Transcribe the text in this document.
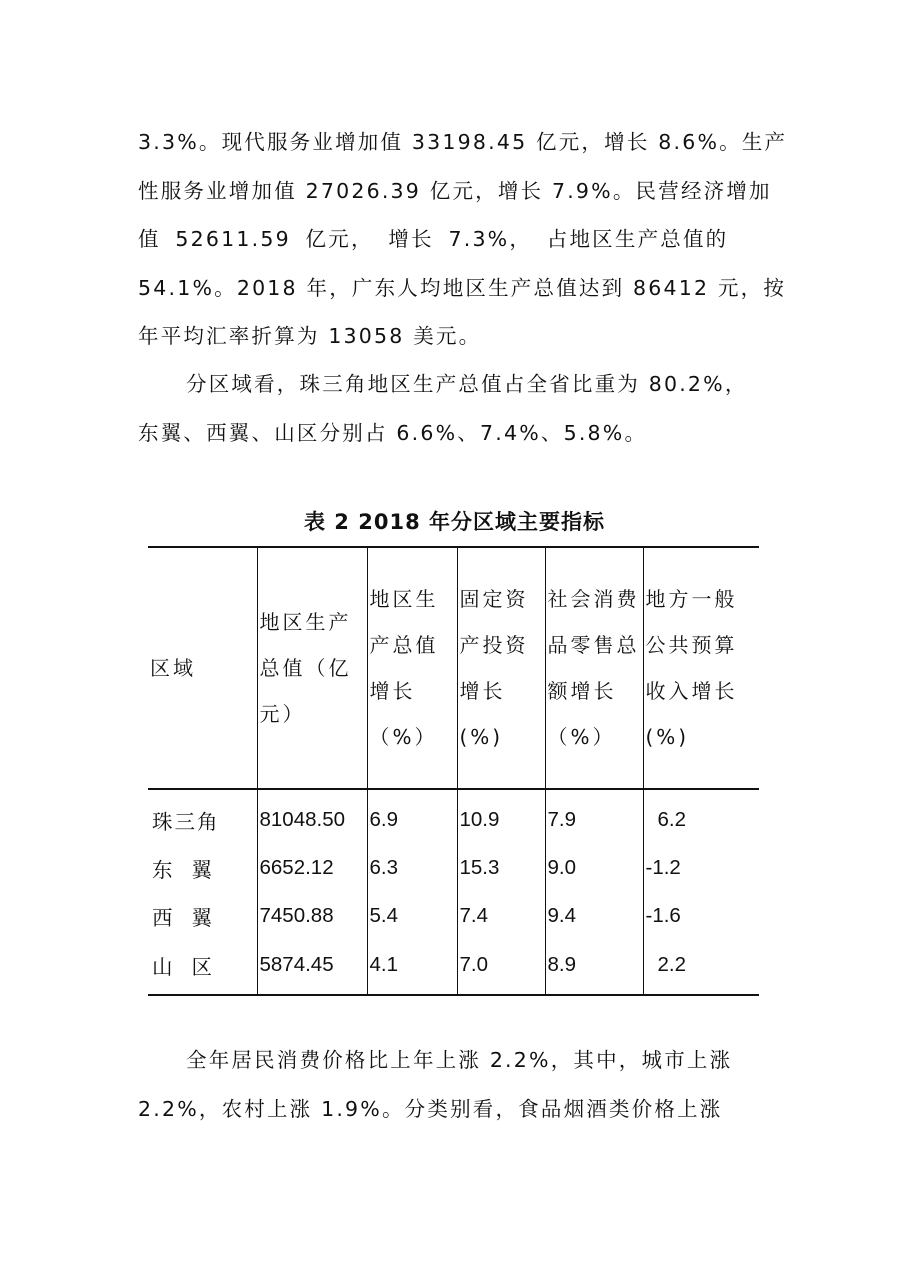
3.3%。现代服务业增加值 33198.45 亿元，增长 8.6%。生产
性服务业增加值 27026.39 亿元，增长 7.9%。民营经济增加
值 52611.59 亿元， 增长 7.3%， 占地区生产总值的
54.1%。2018 年，广东人均地区生产总值达到 86412 元，按
年平均汇率折算为 13058 美元。
分区域看，珠三角地区生产总值占全省比重为 80.2%，
东翼、西翼、山区分别占 6.6%、7.4%、5.8%。
表 2 2018 年分区域主要指标
区域	地区生产总值（亿元）	地区生产总值增长（%）	固定资产投资增长(%)	社会消费品零售总额增长（%）	地方一般公共预算收入增长(%)
珠三角	81048.50	6.9	10.9	7.9	6.2
东  翼	6652.12	6.3	15.3	9.0	-1.2
西  翼	7450.88	5.4	7.4	9.4	-1.6
山  区	5874.45	4.1	7.0	8.9	2.2
全年居民消费价格比上年上涨 2.2%，其中，城市上涨
2.2%，农村上涨 1.9%。分类别看，食品烟酒类价格上涨
